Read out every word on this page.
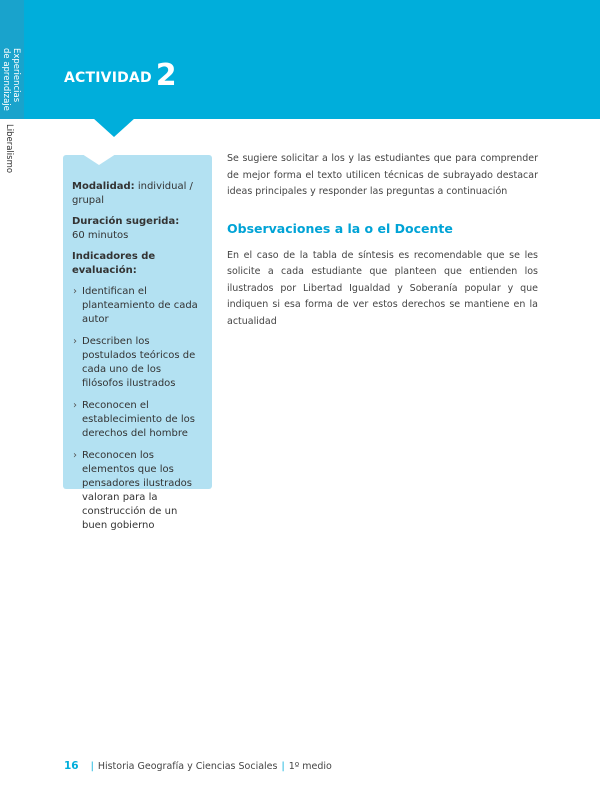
Experiencias
de aprendizaje
Liberalismo
ACTIVIDAD 2

Modalidad: individual / grupal

Duración sugerida:
60 minutos

Indicadores de evaluación:

› Identifican el planteamiento de cada autor
› Describen los postulados teóricos de cada uno de los filósofos ilustrados
› Reconocen el establecimiento de los derechos del hombre
› Reconocen los elementos que los pensadores ilustrados valoran para la construcción de un buen gobierno

Se sugiere solicitar a los y las estudiantes que para comprender de mejor forma el texto utilicen técnicas de subrayado destacar ideas principales y responder las preguntas a continuación

Observaciones a la o el Docente

En el caso de la tabla de síntesis es recomendable que se les solicite a cada estudiante que planteen que entienden los ilustrados por Libertad Igualdad y Soberanía popular y que indiquen si esa forma de ver estos derechos se mantiene en la actualidad

16 | Historia Geografía y Ciencias Sociales | 1º medio
